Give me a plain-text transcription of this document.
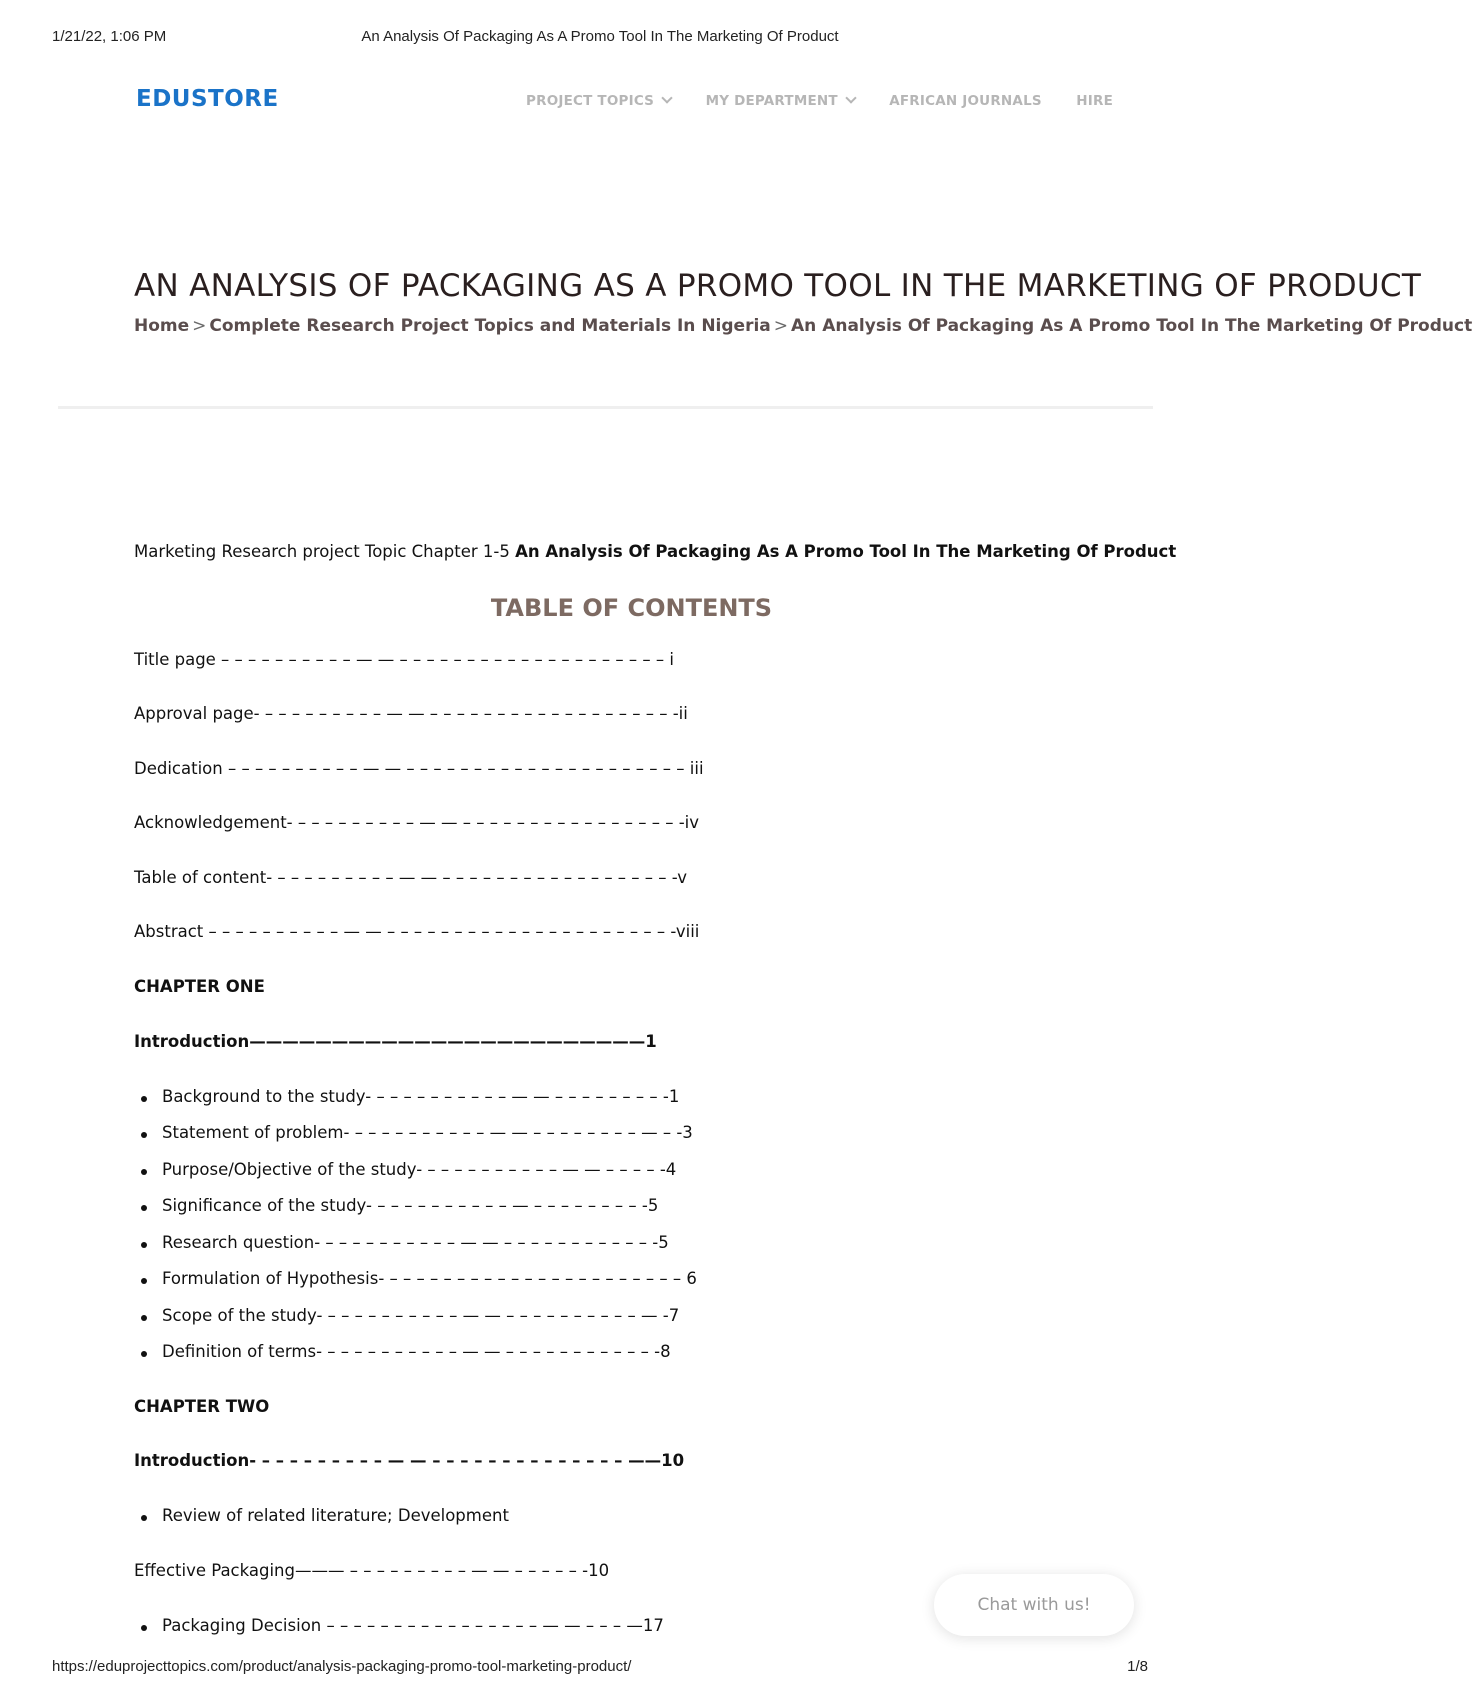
1/21/22, 1:06 PM	An Analysis Of Packaging As A Promo Tool In The Marketing Of Product
EDUSTORE	PROJECT TOPICS	MY DEPARTMENT	AFRICAN JOURNALS	HIRE
AN ANALYSIS OF PACKAGING AS A PROMO TOOL IN THE MARKETING OF PRODUCT
Home > Complete Research Project Topics and Materials In Nigeria > An Analysis Of Packaging As A Promo Tool In The Marketing Of Product
Marketing Research project Topic Chapter 1-5 An Analysis Of Packaging As A Promo Tool In The Marketing Of Product
TABLE OF CONTENTS
Title page – – – – – – – – – – — — – – – – – – – – – – – – – – – – – – – – i
Approval page- – – – – – – – – – — — – – – – – – – – – – – – – – – – – – -ii
Dedication – – – – – – – – – – — — – – – – – – – – – – – – – – – – – – – – – iii
Acknowledgement- – – – – – – – – – — — – – – – – – – – – – – – – – – – -iv
Table of content- – – – – – – – – – — — – – – – – – – – – – – – – – – – – -v
Abstract – – – – – – – – – – — — – – – – – – – – – – – – – – – – – – – – – -viii
CHAPTER ONE
Introduction————————————————————————1
Background to the study- – – – – – – – – – – — — – – – – – – – – -1
Statement of problem- – – – – – – – – – – — — – – – – – – – – — – -3
Purpose/Objective of the study- – – – – – – – – – – — — – – – – -4
Significance of the study- – – – – – – – – – – — – – – – – – – – -5
Research question- – – – – – – – – – – — — – – – – – – – – – – – -5
Formulation of Hypothesis- – – – – – – – – – – – – – – – – – – – – – – 6
Scope of the study- – – – – – – – – – – — — – – – – – – – – – – — -7
Definition of terms- – – – – – – – – – – — — – – – – – – – – – – – -8
CHAPTER TWO
Introduction- – – – – – – – – – — — – – – – – – – – – – – – – – ——10
Review of related literature; Development
Effective Packaging——— – – – – – – – – – — — – – – – – -10
Packaging Decision – – – – – – – – – – – – – – – – — — – – – —17
Chat with us!
https://eduprojecttopics.com/product/analysis-packaging-promo-tool-marketing-product/	1/8
